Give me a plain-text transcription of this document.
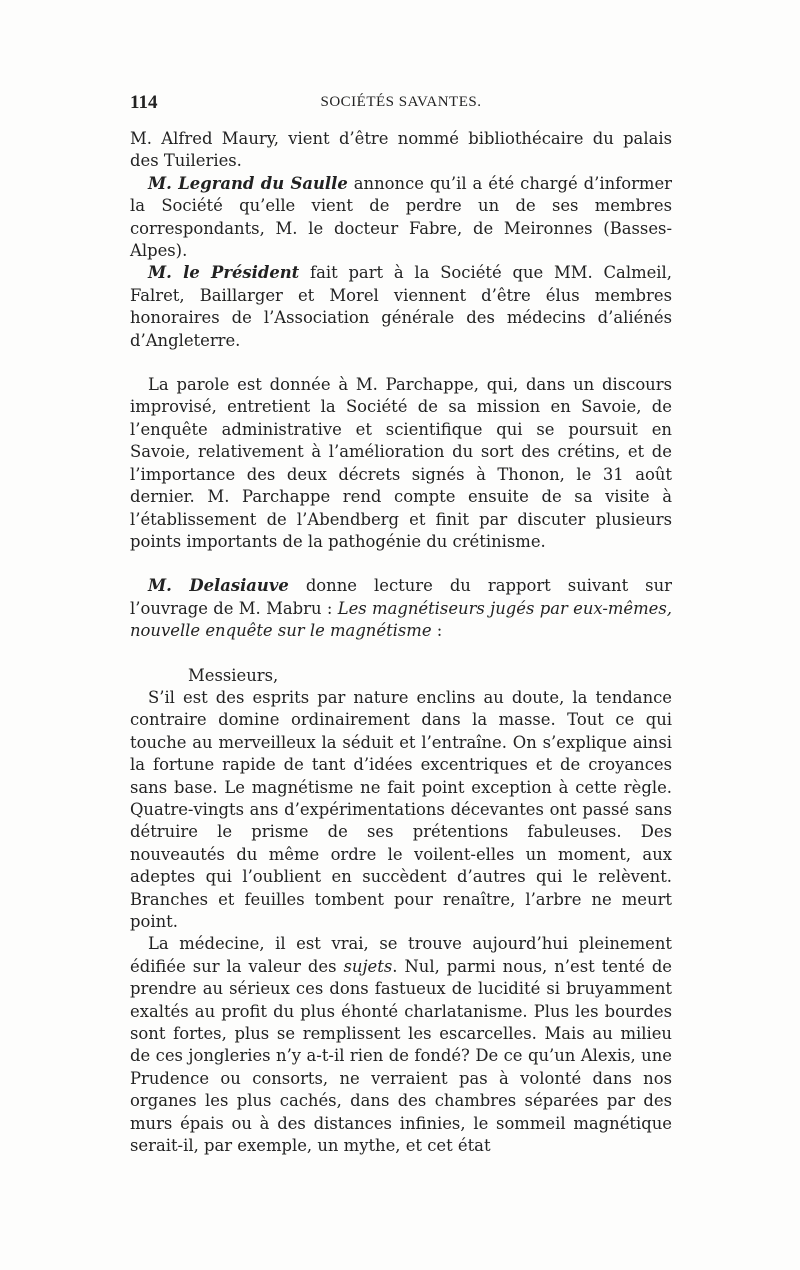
114	SOCIÉTÉS SAVANTES.

M. Alfred Maury, vient d’être nommé bibliothécaire du palais des Tuileries.

M. Legrand du Saulle annonce qu’il a été chargé d’informer la Société qu’elle vient de perdre un de ses membres correspondants, M. le docteur Fabre, de Meironnes (Basses-Alpes).

M. le Président fait part à la Société que MM. Calmeil, Falret, Baillarger et Morel viennent d’être élus membres honoraires de l’Association générale des médecins d’aliénés d’Angleterre.

La parole est donnée à M. Parchappe, qui, dans un discours improvisé, entretient la Société de sa mission en Savoie, de l’enquête administrative et scientifique qui se poursuit en Savoie, relativement à l’amélioration du sort des crétins, et de l’importance des deux décrets signés à Thonon, le 31 août dernier. M. Parchappe rend compte ensuite de sa visite à l’établissement de l’Abendberg et finit par discuter plusieurs points importants de la pathogénie du crétinisme.

M. Delasiauve donne lecture du rapport suivant sur l’ouvrage de M. Mabru : Les magnétiseurs jugés par eux-mêmes, nouvelle enquête sur le magnétisme :

Messieurs,

S’il est des esprits par nature enclins au doute, la tendance contraire domine ordinairement dans la masse. Tout ce qui touche au merveilleux la séduit et l’entraîne. On s’explique ainsi la fortune rapide de tant d’idées excentriques et de croyances sans base. Le magnétisme ne fait point exception à cette règle. Quatre-vingts ans d’expérimentations décevantes ont passé sans détruire le prisme de ses prétentions fabuleuses. Des nouveautés du même ordre le voilent-elles un moment, aux adeptes qui l’oublient en succèdent d’autres qui le relèvent. Branches et feuilles tombent pour renaître, l’arbre ne meurt point.

La médecine, il est vrai, se trouve aujourd’hui pleinement édifiée sur la valeur des sujets. Nul, parmi nous, n’est tenté de prendre au sérieux ces dons fastueux de lucidité si bruyamment exaltés au profit du plus éhonté charlatanisme. Plus les bourdes sont fortes, plus se remplissent les escarcelles. Mais au milieu de ces jongleries n’y a-t-il rien de fondé? De ce qu’un Alexis, une Prudence ou consorts, ne verraient pas à volonté dans nos organes les plus cachés, dans des chambres séparées par des murs épais ou à des distances infinies, le sommeil magnétique serait-il, par exemple, un mythe, et cet état
